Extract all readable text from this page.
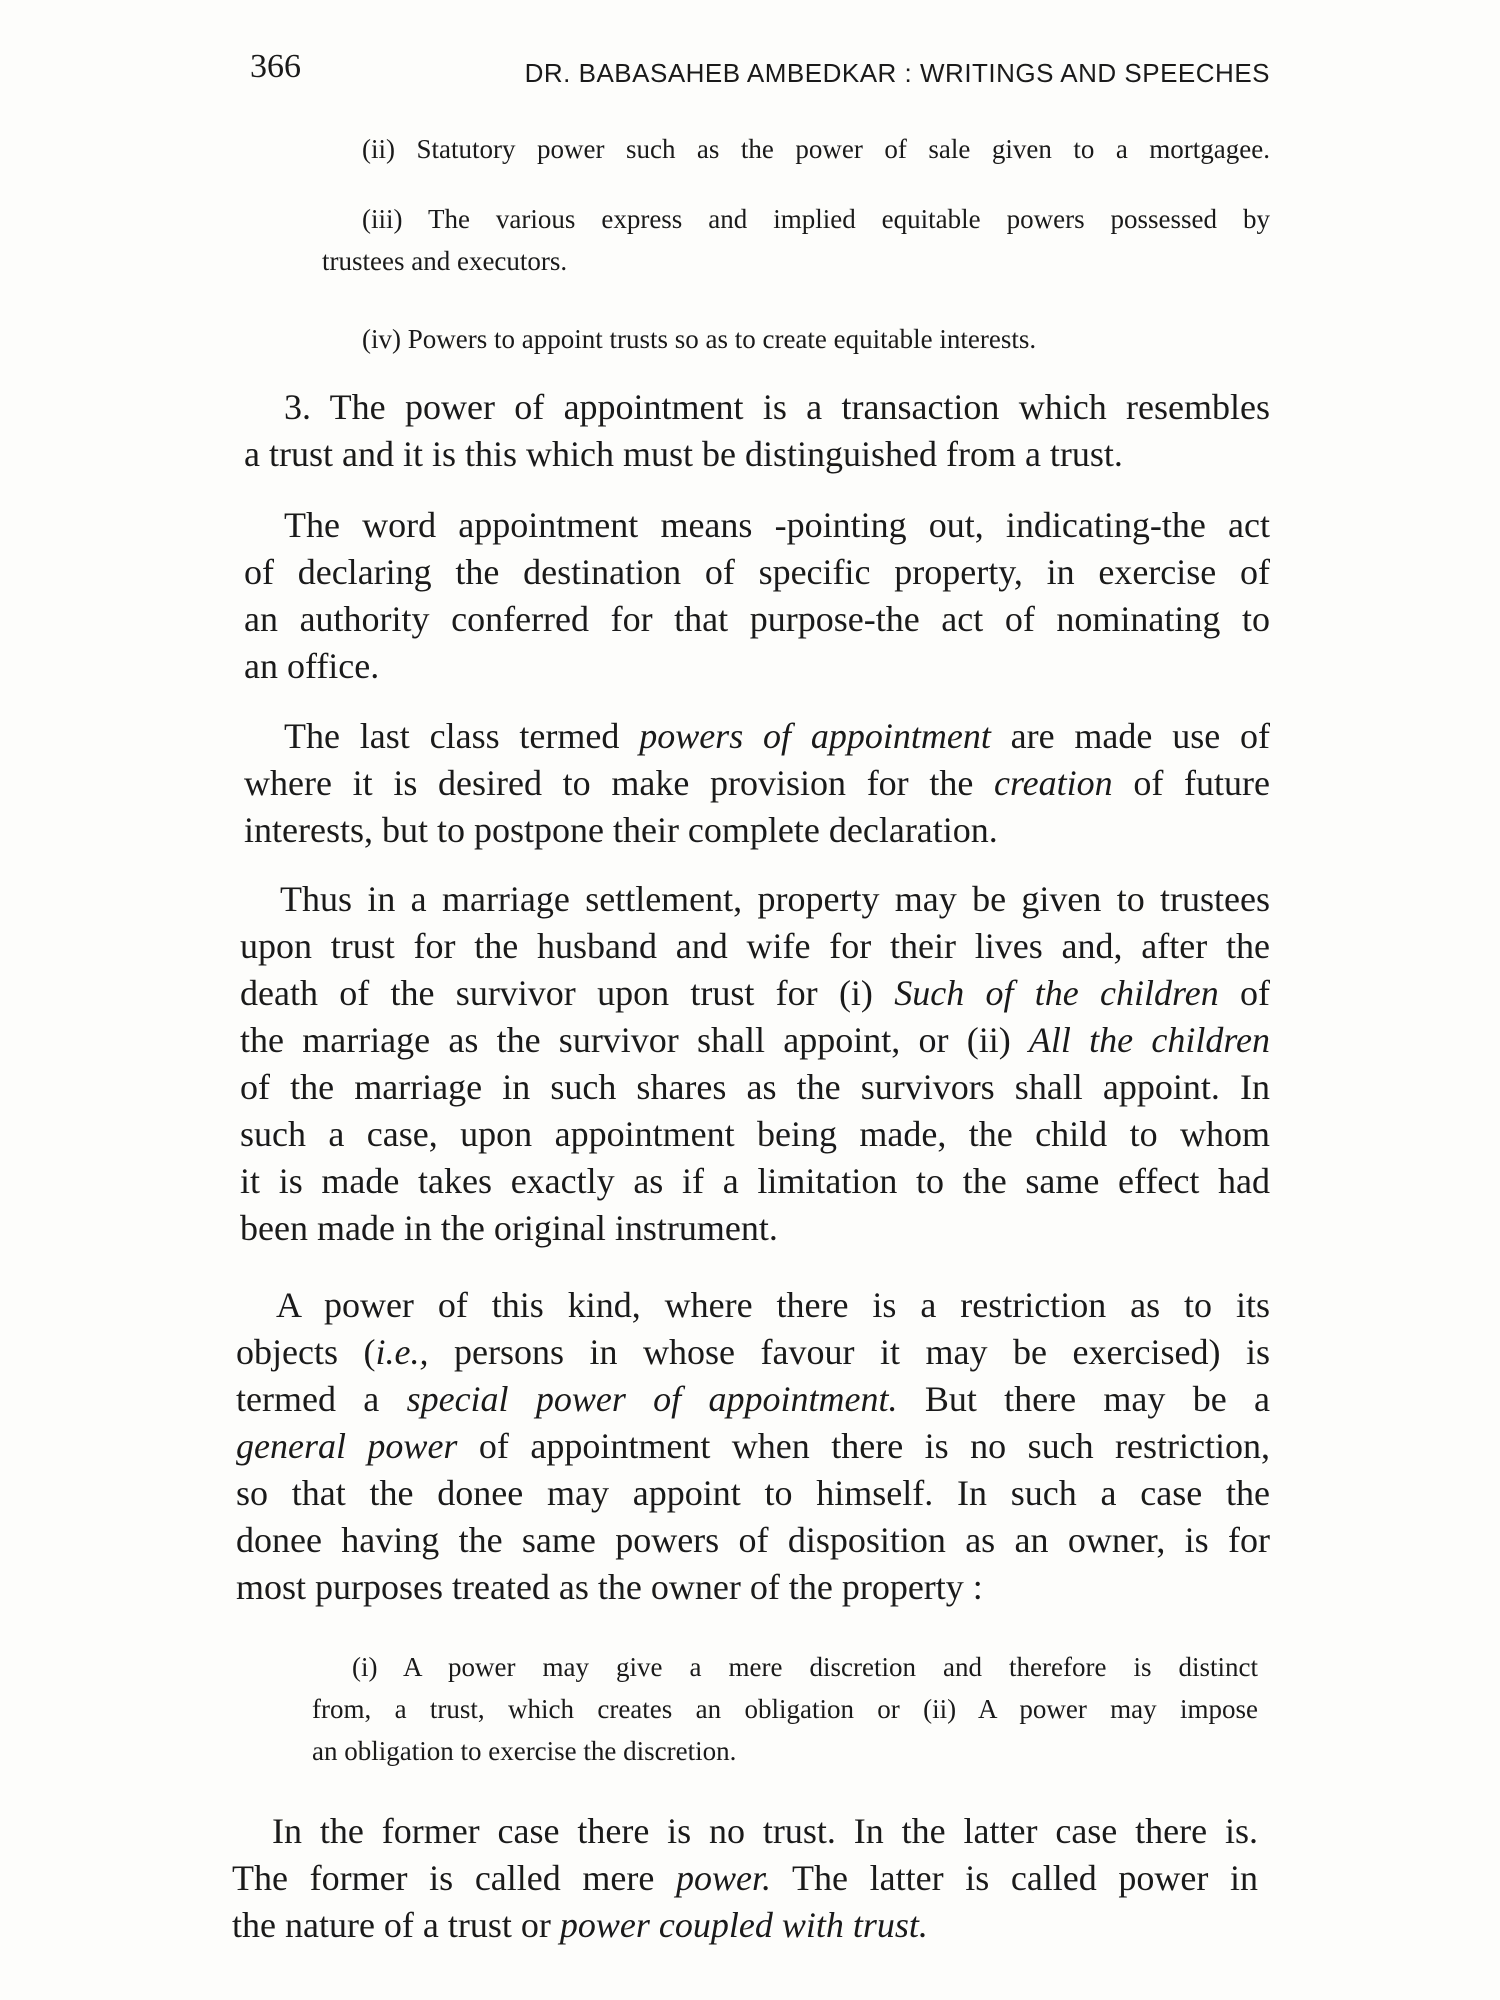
366	DR. BABASAHEB AMBEDKAR : WRITINGS AND SPEECHES
(ii) Statutory power such as the power of sale given to a mortgagee.
(iii) The various express and implied equitable powers possessed by
trustees and executors.
(iv) Powers to appoint trusts so as to create equitable interests.
3. The power of appointment is a transaction which resembles
a trust and it is this which must be distinguished from a trust.
The word appointment means -pointing out, indicating-the act
of declaring the destination of specific property, in exercise of
an authority conferred for that purpose-the act of nominating to
an office.
The last class termed powers of appointment are made use of
where it is desired to make provision for the creation of future
interests, but to postpone their complete declaration.
Thus in a marriage settlement, property may be given to trustees
upon trust for the husband and wife for their lives and, after the
death of the survivor upon trust for (i) Such of the children of
the marriage as the survivor shall appoint, or (ii) All the children
of the marriage in such shares as the survivors shall appoint. In
such a case, upon appointment being made, the child to whom
it is made takes exactly as if a limitation to the same effect had
been made in the original instrument.
A power of this kind, where there is a restriction as to its
objects (i.e., persons in whose favour it may be exercised) is
termed a special power of appointment. But there may be a
general power of appointment when there is no such restriction,
so that the donee may appoint to himself. In such a case the
donee having the same powers of disposition as an owner, is for
most purposes treated as the owner of the property :
(i) A power may give a mere discretion and therefore is distinct
from, a trust, which creates an obligation or (ii) A power may impose
an obligation to exercise the discretion.
In the former case there is no trust. In the latter case there is.
The former is called mere power. The latter is called power in
the nature of a trust or power coupled with trust.
